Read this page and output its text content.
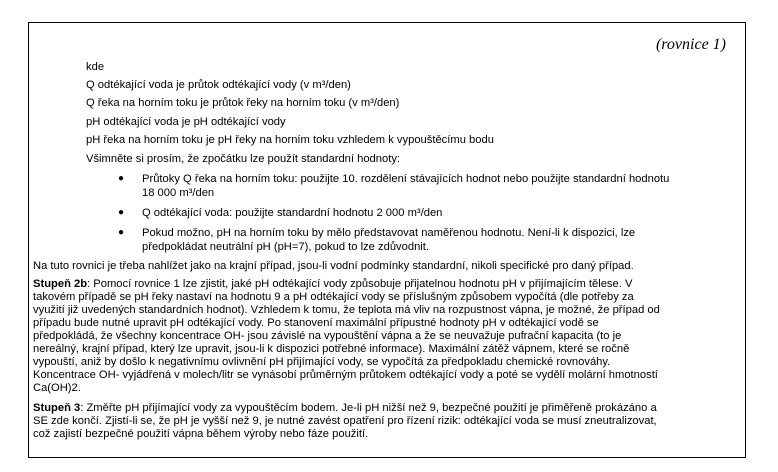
(rovnice 1)
kde
Q odtékající voda je průtok odtékající vody (v m³/den)
Q řeka na horním toku je průtok řeky na horním toku (v m³/den)
pH odtékající voda je pH odtékající vody
pH řeka na horním toku je pH řeky na horním toku vzhledem k vypouštěcímu bodu
Všimněte si prosím, že zpočátku lze použít standardní hodnoty:
● Průtoky Q řeka na horním toku: použijte 10. rozdělení stávajících hodnot nebo použijte standardní hodnotu
18 000 m³/den
● Q odtékající voda: použijte standardní hodnotu 2 000 m³/den
● Pokud možno, pH na horním toku by mělo představovat naměřenou hodnotu. Není-li k dispozici, lze
předpokládat neutrální pH (pH=7), pokud to lze zdůvodnit.
Na tuto rovnici je třeba nahlížet jako na krajní případ, jsou-li vodní podmínky standardní, nikoli specifické pro daný případ.
Stupeň 2b: Pomocí rovnice 1 lze zjistit, jaké pH odtékající vody způsobuje přijatelnou hodnotu pH v přijímajícím tělese. V
takovém případě se pH řeky nastaví na hodnotu 9 a pH odtékající vody se příslušným způsobem vypočítá (dle potřeby za
využití již uvedených standardních hodnot). Vzhledem k tomu, že teplota má vliv na rozpustnost vápna, je možné, že případ od
případu bude nutné upravit pH odtékající vody. Po stanovení maximální přípustné hodnoty pH v odtékající vodě se
předpokládá, že všechny koncentrace OH- jsou závislé na vypouštění vápna a že se neuvažuje pufrační kapacita (to je
nereálný, krajní případ, který lze upravit, jsou-li k dispozici potřebné informace). Maximální zátěž vápnem, které se ročně
vypouští, aniž by došlo k negativnímu ovlivnění pH přijímající vody, se vypočítá za předpokladu chemické rovnováhy.
Koncentrace OH- vyjádřená v molech/litr se vynásobí průměrným průtokem odtékající vody a poté se vydělí molární hmotností
Ca(OH)2.
Stupeň 3: Změřte pH přijímající vody za vypouštěcím bodem. Je-li pH nižší než 9, bezpečné použití je přiměřeně prokázáno a
SE zde končí. Zjistí-li se, že pH je vyšší než 9, je nutné zavést opatření pro řízení rizik: odtékající voda se musí zneutralizovat,
což zajistí bezpečné použití vápna během výroby nebo fáze použití.
